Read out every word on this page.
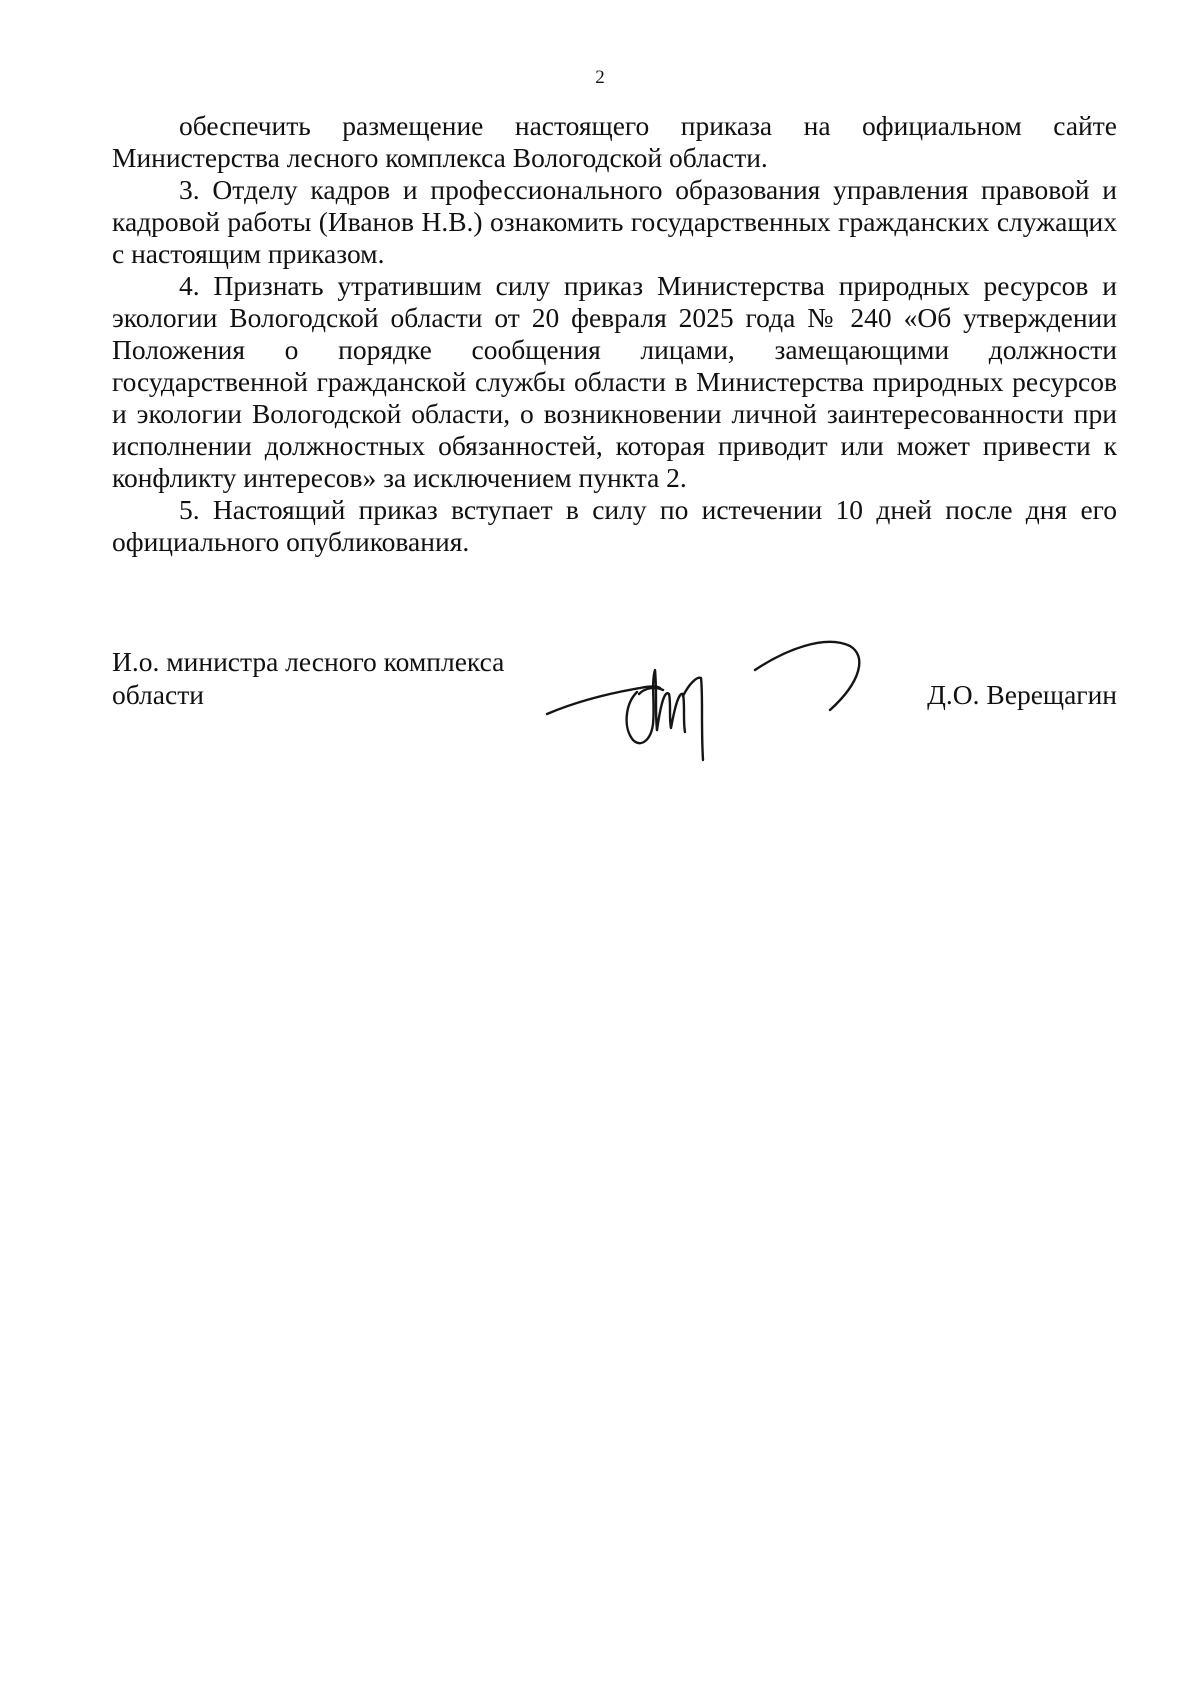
2

обеспечить размещение настоящего приказа на официальном сайте Министерства лесного комплекса Вологодской области.

3. Отделу кадров и профессионального образования управления правовой и кадровой работы (Иванов Н.В.) ознакомить государственных гражданских служащих с настоящим приказом.

4. Признать утратившим силу приказ Министерства природных ресурсов и экологии Вологодской области от 20 февраля 2025 года № 240 «Об утверждении Положения о порядке сообщения лицами, замещающими должности государственной гражданской службы области в Министерства природных ресурсов и экологии Вологодской области, о возникновении личной заинтересованности при исполнении должностных обязанностей, которая приводит или может привести к конфликту интересов» за исключением пункта 2.

5. Настоящий приказ вступает в силу по истечении 10 дней после дня его официального опубликования.

И.о. министра лесного комплекса области	Д.О. Верещагин
